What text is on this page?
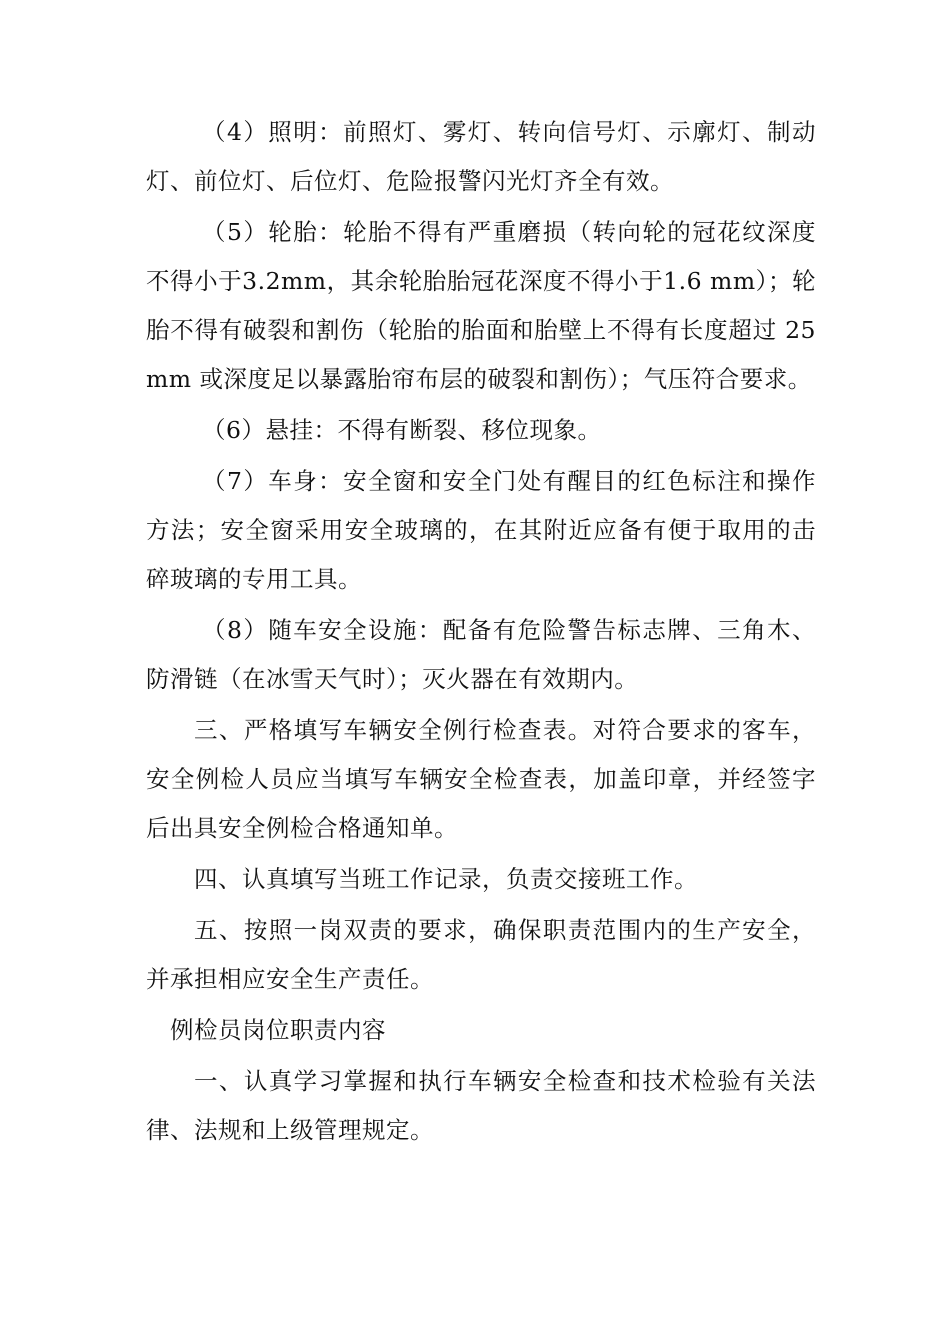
（4）照明：前照灯、雾灯、转向信号灯、示廓灯、制动灯、前位灯、后位灯、危险报警闪光灯齐全有效。

（5）轮胎：轮胎不得有严重磨损（转向轮的冠花纹深度不得小于3.2mm，其余轮胎胎冠花深度不得小于1.6 mm）；轮胎不得有破裂和割伤（轮胎的胎面和胎壁上不得有长度超过 25 mm 或深度足以暴露胎帘布层的破裂和割伤）；气压符合要求。

（6）悬挂：不得有断裂、移位现象。

（7）车身：安全窗和安全门处有醒目的红色标注和操作方法；安全窗采用安全玻璃的，在其附近应备有便于取用的击碎玻璃的专用工具。

（8）随车安全设施：配备有危险警告标志牌、三角木、防滑链（在冰雪天气时）；灭火器在有效期内。

三、严格填写车辆安全例行检查表。对符合要求的客车，安全例检人员应当填写车辆安全检查表，加盖印章，并经签字后出具安全例检合格通知单。

四、认真填写当班工作记录，负责交接班工作。

五、按照一岗双责的要求，确保职责范围内的生产安全，并承担相应安全生产责任。

例检员岗位职责内容

一、认真学习掌握和执行车辆安全检查和技术检验有关法律、法规和上级管理规定。
